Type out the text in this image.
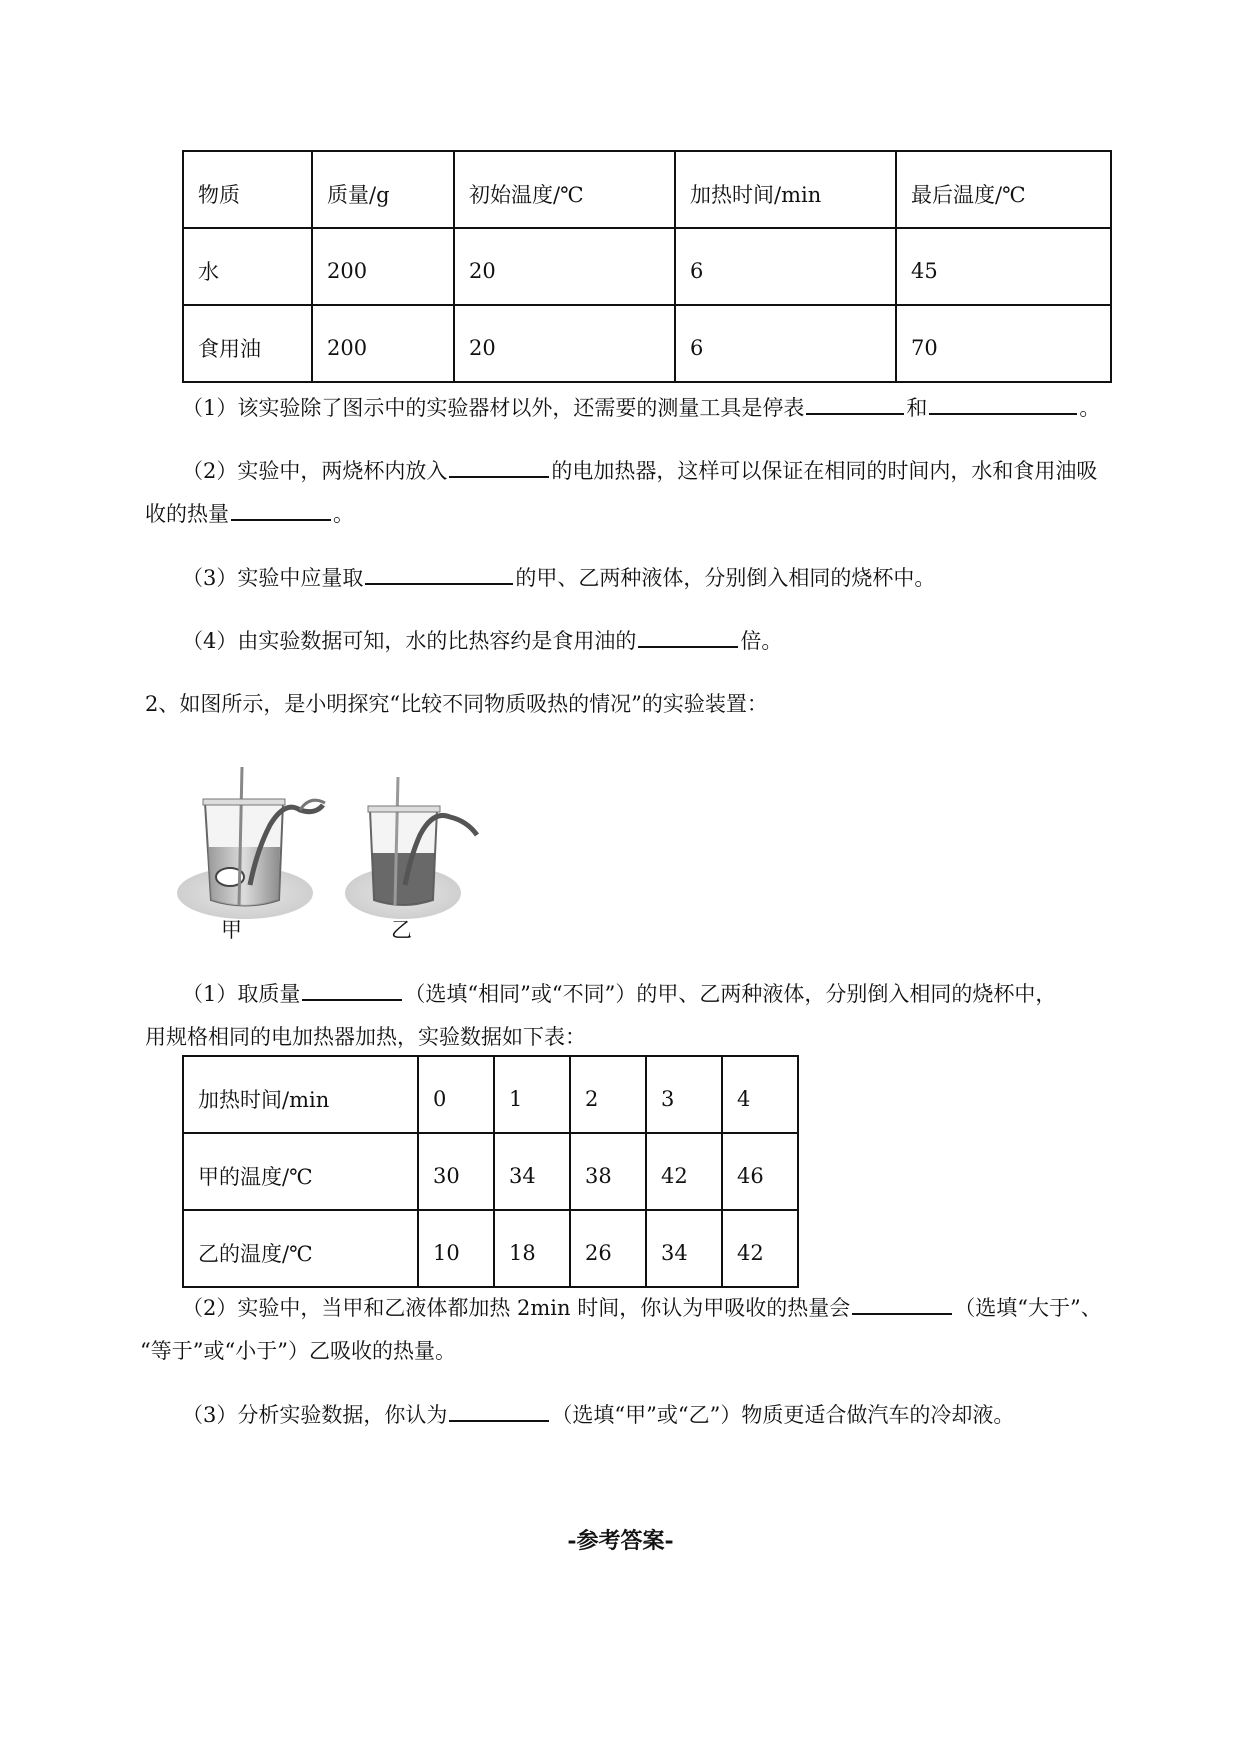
物质	质量/g	初始温度/℃	加热时间/min	最后温度/℃
水	200	20	6	45
食用油	200	20	6	70
（1）该实验除了图示中的实验器材以外，还需要的测量工具是停表	和	。
（2）实验中，两烧杯内放入	的电加热器，这样可以保证在相同的时间内，水和食用油吸
收的热量	。
（3）实验中应量取	的甲、乙两种液体，分别倒入相同的烧杯中。
（4）由实验数据可知，水的比热容约是食用油的	倍。
2、如图所示，是小明探究“比较不同物质吸热的情况”的实验装置：
甲	乙
（1）取质量	（选填“相同”或“不同”）的甲、乙两种液体，分别倒入相同的烧杯中，
用规格相同的电加热器加热，实验数据如下表：
加热时间/min	0	1	2	3	4
甲的温度/℃	30	34	38	42	46
乙的温度/℃	10	18	26	34	42
（2）实验中，当甲和乙液体都加热 2min 时间，你认为甲吸收的热量会	（选填“大于”、
“等于”或“小于”）乙吸收的热量。
（3）分析实验数据，你认为	（选填“甲”或“乙”）物质更适合做汽车的冷却液。
-参考答案-
